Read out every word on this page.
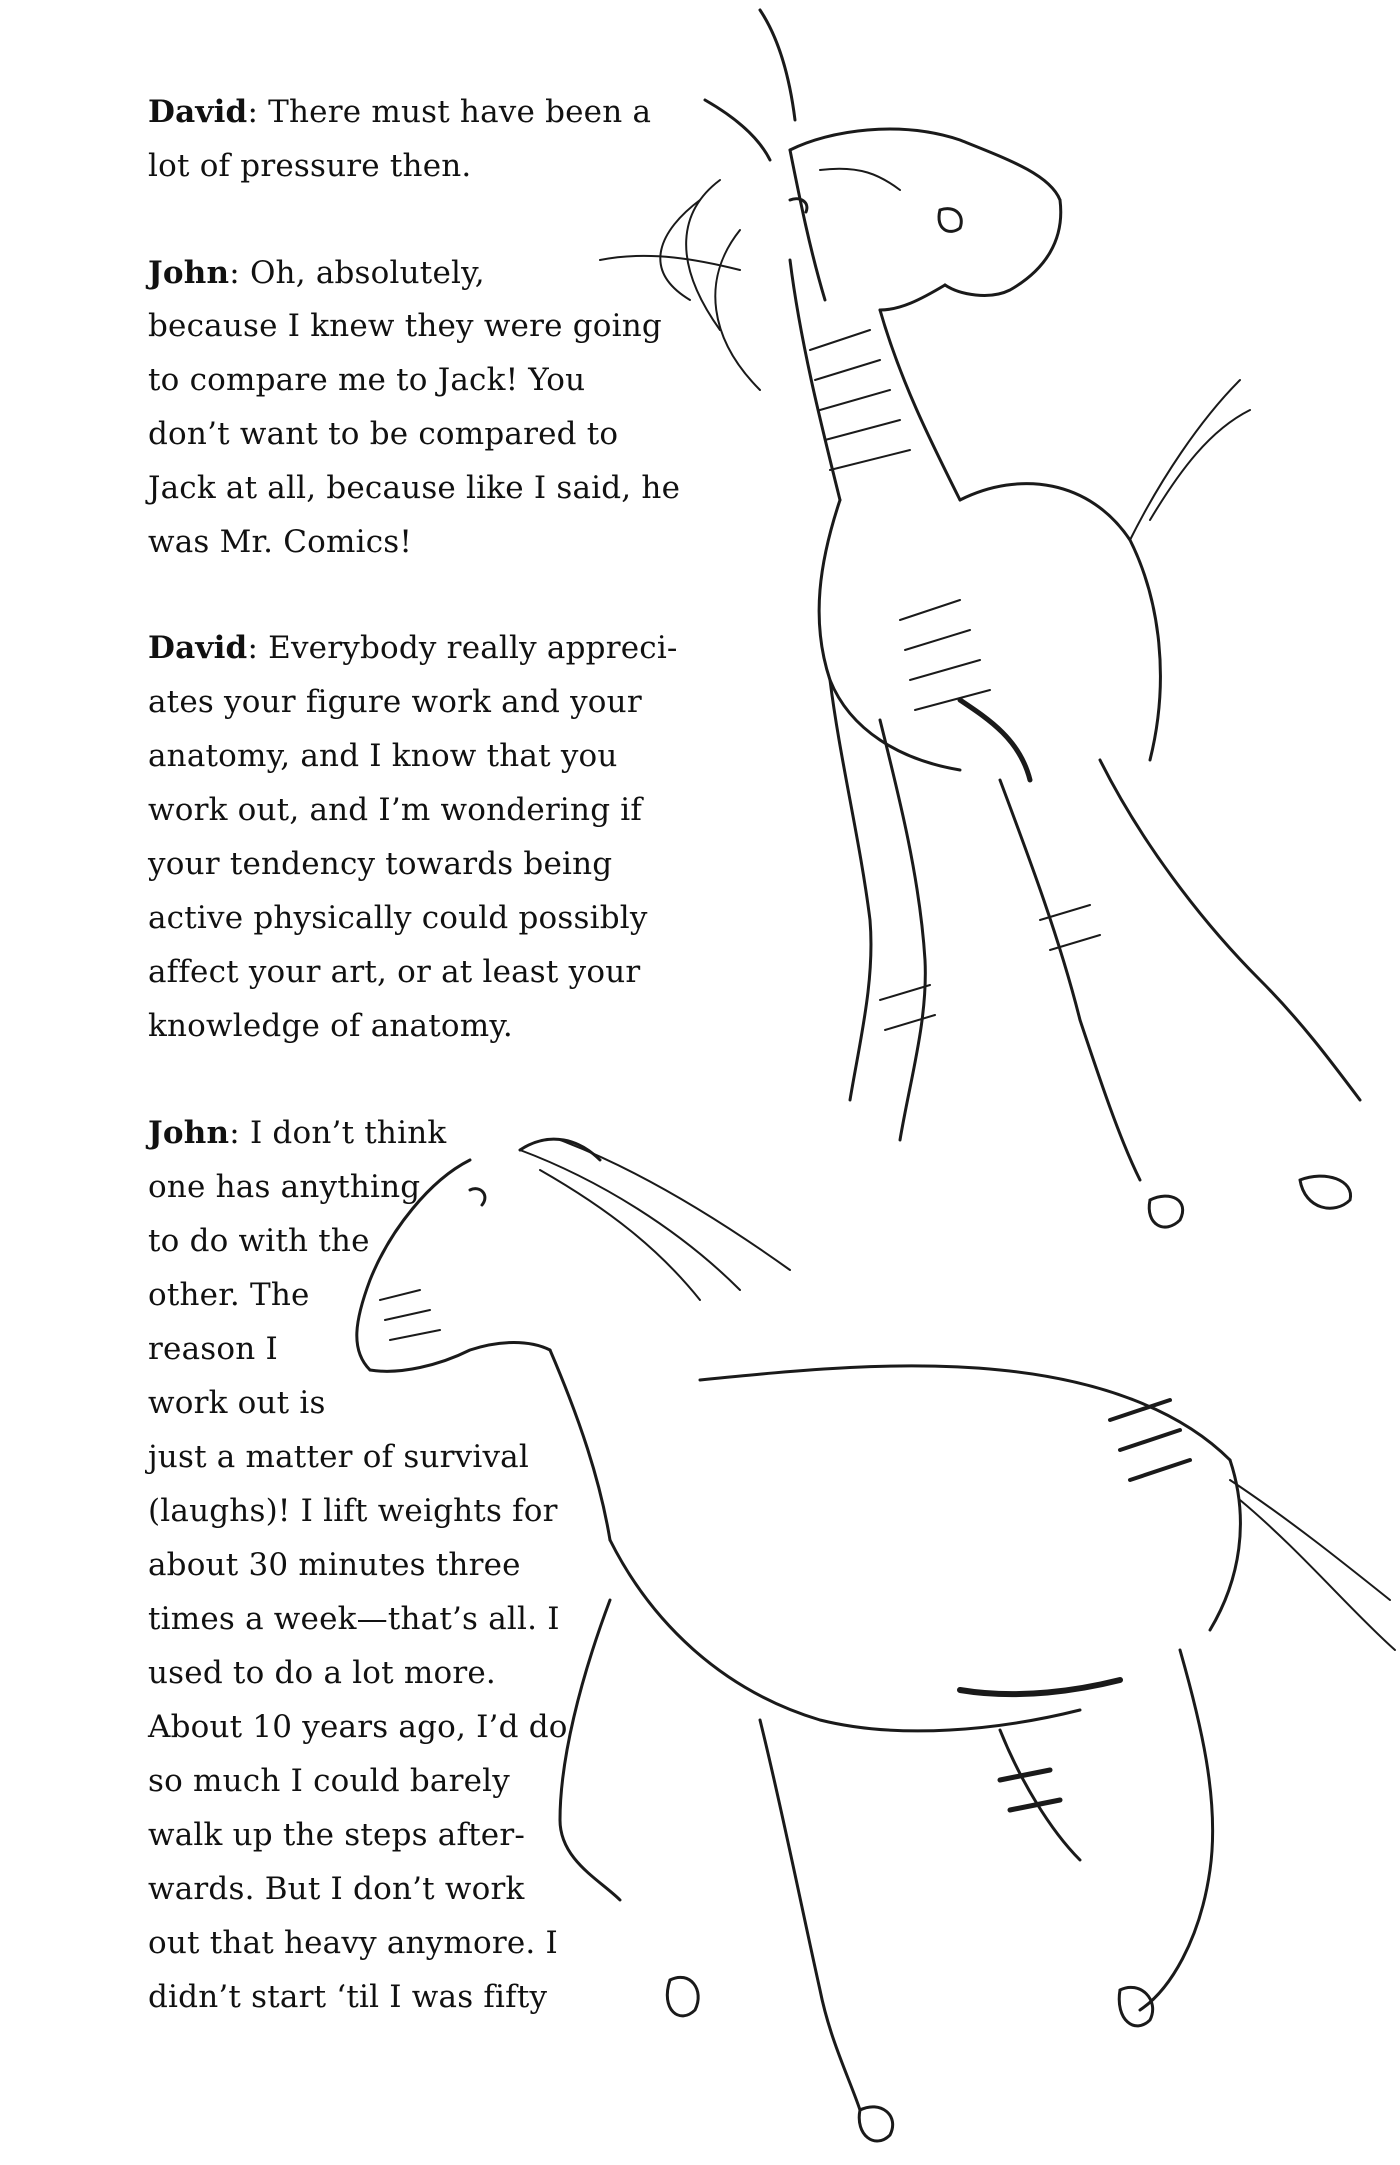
David: There must have been a

lot of pressure then.

John: Oh, absolutely,

because I knew they were going

to compare me to Jack! You

don’t want to be compared to

Jack at all, because like I said, he

was Mr. Comics!

David: Everybody really appreci-

ates your figure work and your

anatomy, and I know that you

work out, and I’m wondering if

your tendency towards being

active physically could possibly

affect your art, or at least your

knowledge of anatomy.

John: I don’t think

one has anything

to do with the

other. The

reason I

work out is

just a matter of survival

(laughs)! I lift weights for

about 30 minutes three

times a week—that’s all. I

used to do a lot more.

About 10 years ago, I’d do

so much I could barely

walk up the steps after-

wards. But I don’t work

out that heavy anymore. I

didn’t start ‘til I was fifty
